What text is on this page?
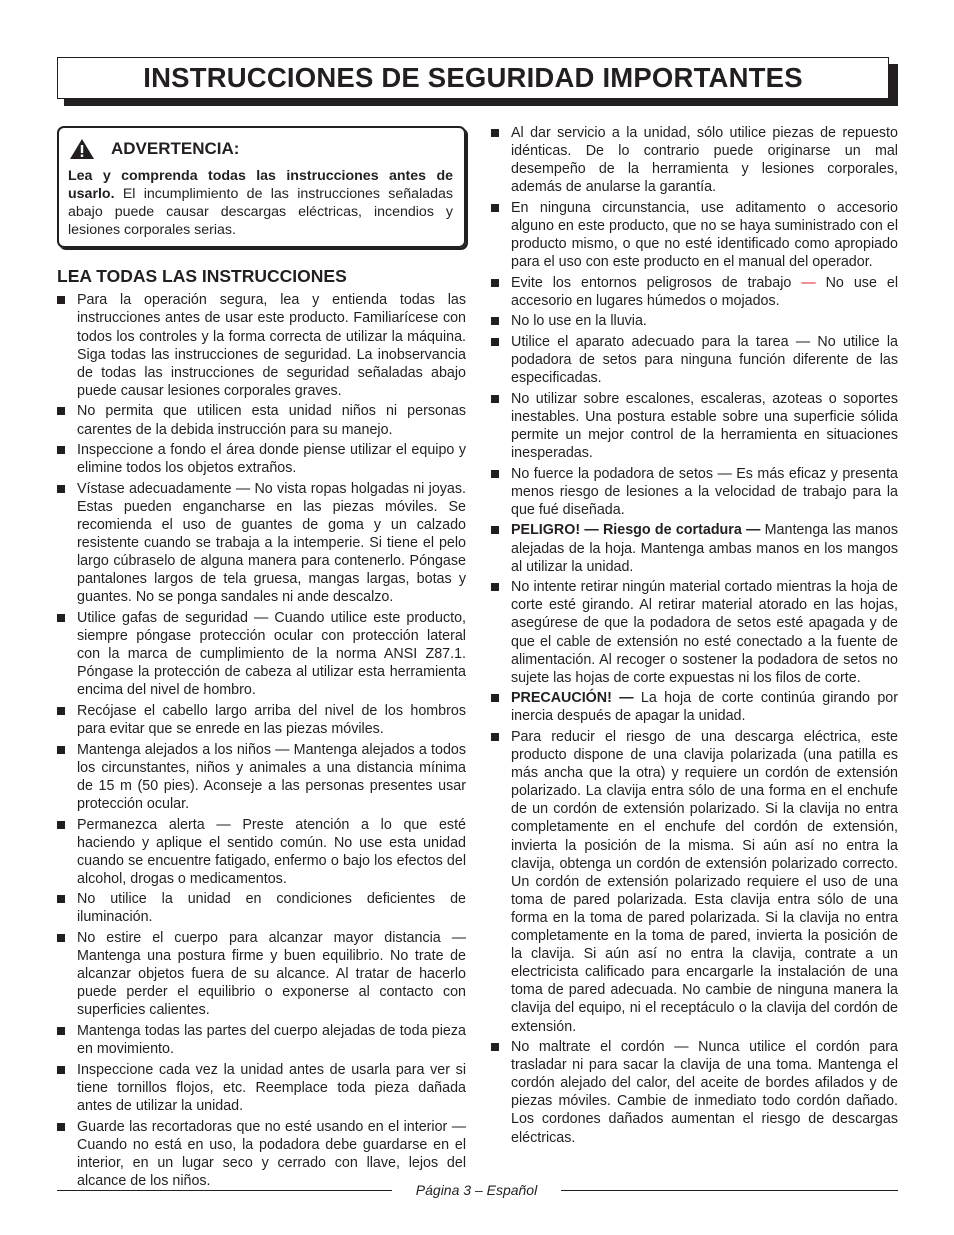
INSTRUCCIONES DE SEGURIDAD IMPORTANTES
ADVERTENCIA:
Lea y comprenda todas las instrucciones antes de usarlo. El incumplimiento de las instrucciones señaladas abajo puede causar descargas eléctricas, incendios y lesiones corporales serias.
LEA TODAS LAS INSTRUCCIONES
Para la operación segura, lea y entienda todas las instrucciones antes de usar este producto. Familiarícese con todos los controles y la forma correcta de utilizar la máquina. Siga todas las instrucciones de seguridad. La inobservancia de todas las instrucciones de seguridad señaladas abajo puede causar lesiones corporales graves.
No permita que utilicen esta unidad niños ni personas carentes de la debida instrucción para su manejo.
Inspeccione a fondo el área donde piense utilizar el equipo y elimine todos los objetos extraños.
Vístase adecuadamente — No vista ropas holgadas ni joyas. Estas pueden engancharse en las piezas móviles. Se recomienda el uso de guantes de goma y un calzado resistente cuando se trabaja a la intemperie. Si tiene el pelo largo cúbraselo de alguna manera para contenerlo. Póngase pantalones largos de tela gruesa, mangas largas, botas y guantes. No se ponga sandales ni ande descalzo.
Utilice gafas de seguridad — Cuando utilice este producto, siempre póngase protección ocular con protección lateral con la marca de cumplimiento de la norma ANSI Z87.1. Póngase la protección de cabeza al utilizar esta herramienta encima del nivel de hombro.
Recójase el cabello largo arriba del nivel de los hombros para evitar que se enrede en las piezas móviles.
Mantenga alejados a los niños — Mantenga alejados a todos los circunstantes, niños y animales a una distancia mínima de 15 m (50 pies). Aconseje a las personas presentes usar protección ocular.
Permanezca alerta — Preste atención a lo que esté haciendo y aplique el sentido común. No use esta unidad cuando se encuentre fatigado, enfermo o bajo los efectos del alcohol, drogas o medicamentos.
No utilice la unidad en condiciones deficientes de iluminación.
No estire el cuerpo para alcanzar mayor distancia — Mantenga una postura firme y buen equilibrio. No trate de alcanzar objetos fuera de su alcance. Al tratar de hacerlo puede perder el equilibrio o exponerse al contacto con superficies calientes.
Mantenga todas las partes del cuerpo alejadas de toda pieza en movimiento.
Inspeccione cada vez la unidad antes de usarla para ver si tiene tornillos flojos, etc. Reemplace toda pieza dañada antes de utilizar la unidad.
Guarde las recortadoras que no esté usando en el interior — Cuando no está en uso, la podadora debe guardarse en el interior, en un lugar seco y cerrado con llave, lejos del alcance de los niños.
Al dar servicio a la unidad, sólo utilice piezas de repuesto idénticas. De lo contrario puede originarse un mal desempeño de la herramienta y lesiones corporales, además de anularse la garantía.
En ninguna circunstancia, use aditamento o accesorio alguno en este producto, que no se haya suministrado con el producto mismo, o que no esté identificado como apropiado para el uso con este producto en el manual del operador.
Evite los entornos peligrosos de trabajo — No use el accesorio en lugares húmedos o mojados.
No lo use en la lluvia.
Utilice el aparato adecuado para la tarea — No utilice la podadora de setos para ninguna función diferente de las especificadas.
No utilizar sobre escalones, escaleras, azoteas o soportes inestables. Una postura estable sobre una superficie sólida permite un mejor control de la herramienta en situaciones inesperadas.
No fuerce la podadora de setos — Es más eficaz y presenta menos riesgo de lesiones a la velocidad de trabajo para la que fué diseñada.
PELIGRO! — Riesgo de cortadura — Mantenga las manos alejadas de la hoja. Mantenga ambas manos en los mangos al utilizar la unidad.
No intente retirar ningún material cortado mientras la hoja de corte esté girando. Al retirar material atorado en las hojas, asegúrese de que la podadora de setos esté apagada y de que el cable de extensión no esté conectado a la fuente de alimentación. Al recoger o sostener la podadora de setos no sujete las hojas de corte expuestas ni los filos de corte.
PRECAUCIÓN! — La hoja de corte continúa girando por inercia después de apagar la unidad.
Para reducir el riesgo de una descarga eléctrica, este producto dispone de una clavija polarizada (una patilla es más ancha que la otra) y requiere un cordón de extensión polarizado. La clavija entra sólo de una forma en el enchufe de un cordón de extensión polarizado. Si la clavija no entra completamente en el enchufe del cordón de extensión, invierta la posición de la misma. Si aún así no entra la clavija, obtenga un cordón de extensión polarizado correcto. Un cordón de extensión polarizado requiere el uso de una toma de pared polarizada. Esta clavija entra sólo de una forma en la toma de pared polarizada. Si la clavija no entra completamente en la toma de pared, invierta la posición de la clavija. Si aún así no entra la clavija, contrate a un electricista calificado para encargarle la instalación de una toma de pared adecuada. No cambie de ninguna manera la clavija del equipo, ni el receptáculo o la clavija del cordón de extensión.
No maltrate el cordón — Nunca utilice el cordón para trasladar ni para sacar la clavija de una toma. Mantenga el cordón alejado del calor, del aceite de bordes afilados y de piezas móviles. Cambie de inmediato todo cordón dañado. Los cordones dañados aumentan el riesgo de descargas eléctricas.
Página 3 – Español
